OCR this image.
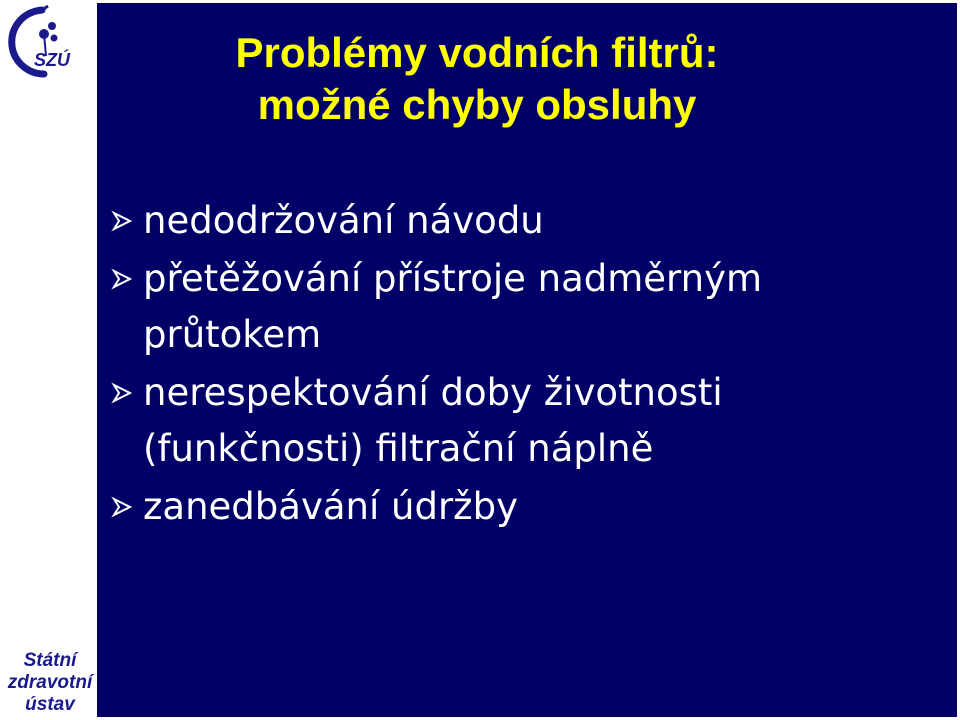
SZÚ
Státní
zdravotní
ústav
Problémy vodních filtrů:
možné chyby obsluhy
nedodržování návodu
přetěžování přístroje nadměrným průtokem
nerespektování doby životnosti (funkčnosti) filtrační náplně
zanedbávání údržby
